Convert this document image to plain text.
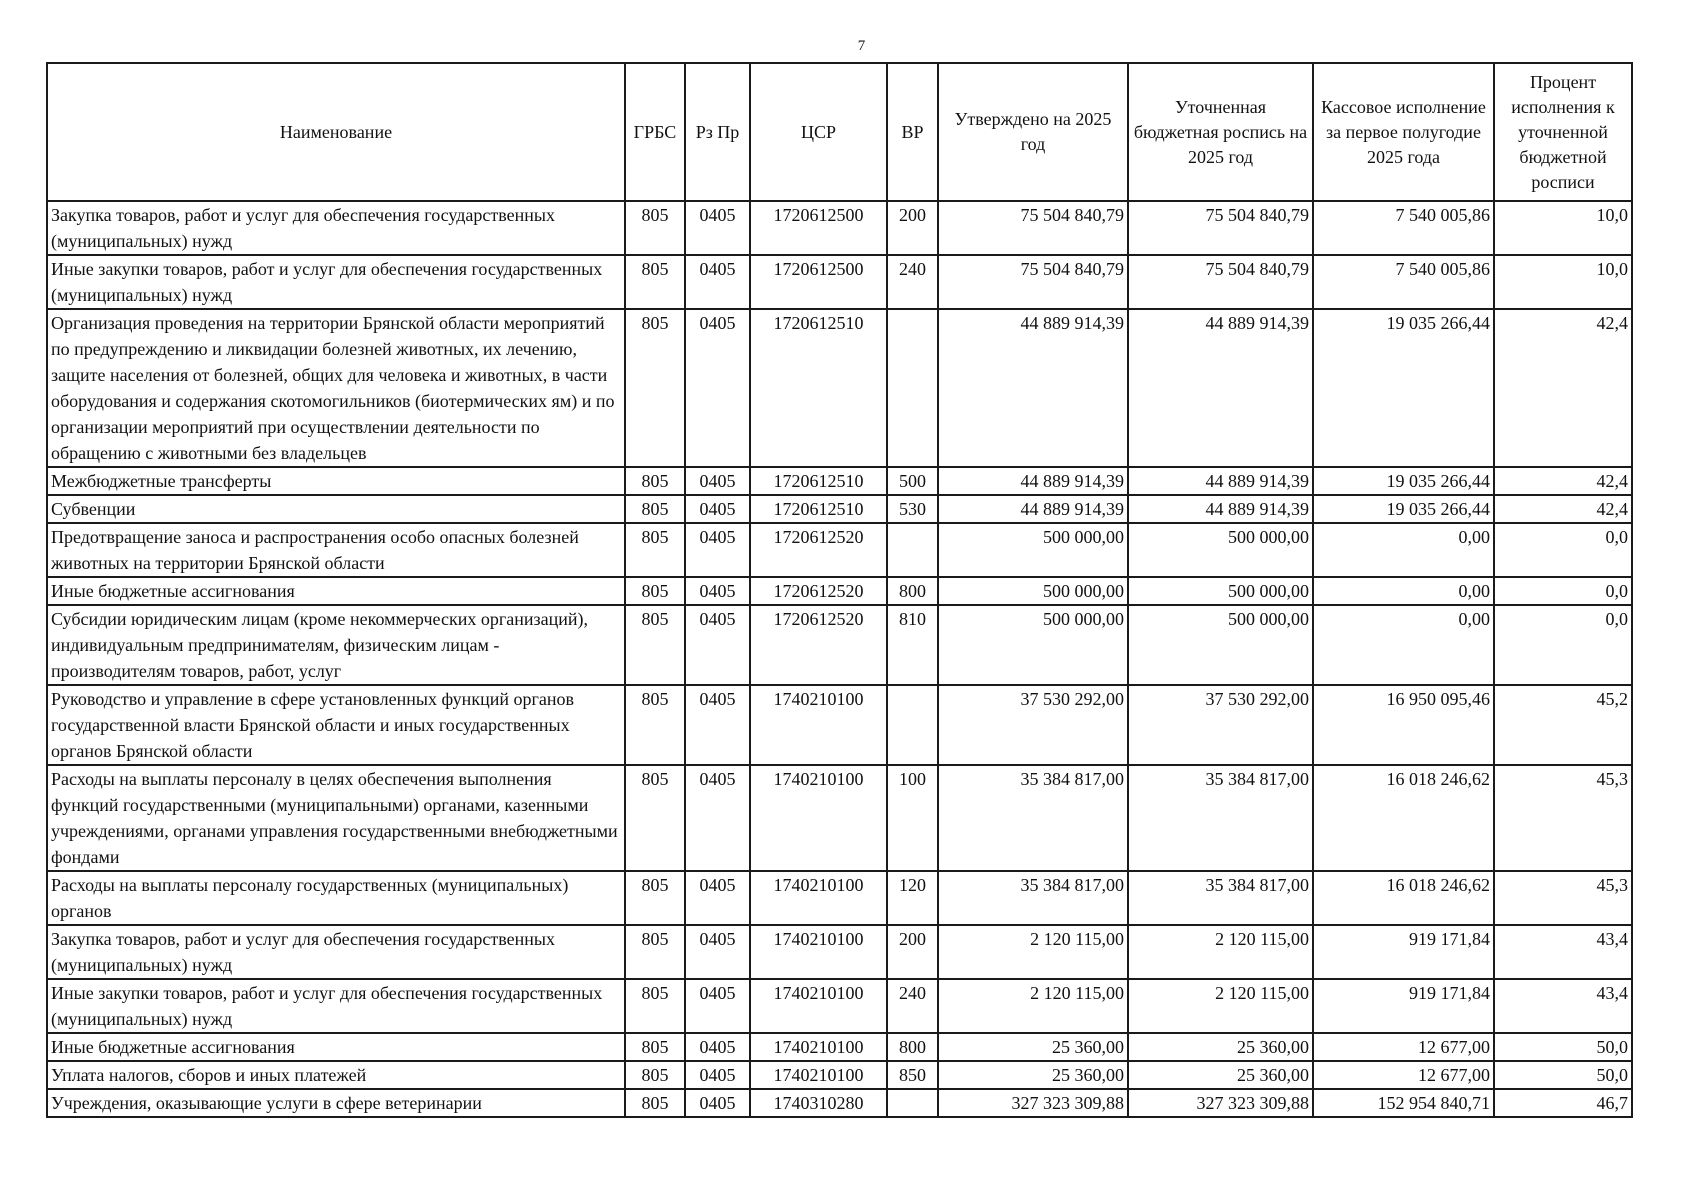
7
Наименование	ГРБС	Рз Пр	ЦСР	ВР	Утверждено на 2025 год	Уточненная бюджетная роспись на 2025 год	Кассовое исполнение за первое полугодие 2025 года	Процент исполнения к уточненной бюджетной росписи
Закупка товаров, работ и услуг для обеспечения государственных (муниципальных) нужд	805	0405	1720612500	200	75 504 840,79	75 504 840,79	7 540 005,86	10,0
Иные закупки товаров, работ и услуг для обеспечения государственных (муниципальных) нужд	805	0405	1720612500	240	75 504 840,79	75 504 840,79	7 540 005,86	10,0
Организация проведения на территории Брянской области мероприятий по предупреждению и ликвидации болезней животных, их лечению, защите населения от болезней, общих для человека и животных, в части оборудования и содержания скотомогильников (биотермических ям) и по организации мероприятий при осуществлении деятельности по обращению с животными без владельцев	805	0405	1720612510		44 889 914,39	44 889 914,39	19 035 266,44	42,4
Межбюджетные трансферты	805	0405	1720612510	500	44 889 914,39	44 889 914,39	19 035 266,44	42,4
Субвенции	805	0405	1720612510	530	44 889 914,39	44 889 914,39	19 035 266,44	42,4
Предотвращение заноса и распространения особо опасных болезней животных на территории Брянской области	805	0405	1720612520		500 000,00	500 000,00	0,00	0,0
Иные бюджетные ассигнования	805	0405	1720612520	800	500 000,00	500 000,00	0,00	0,0
Субсидии юридическим лицам (кроме некоммерческих организаций), индивидуальным предпринимателям, физическим лицам - производителям товаров, работ, услуг	805	0405	1720612520	810	500 000,00	500 000,00	0,00	0,0
Руководство и управление в сфере установленных функций органов государственной власти Брянской области и иных государственных органов Брянской области	805	0405	1740210100		37 530 292,00	37 530 292,00	16 950 095,46	45,2
Расходы на выплаты персоналу в целях обеспечения выполнения функций государственными (муниципальными) органами, казенными учреждениями, органами управления государственными внебюджетными фондами	805	0405	1740210100	100	35 384 817,00	35 384 817,00	16 018 246,62	45,3
Расходы на выплаты персоналу государственных (муниципальных) органов	805	0405	1740210100	120	35 384 817,00	35 384 817,00	16 018 246,62	45,3
Закупка товаров, работ и услуг для обеспечения государственных (муниципальных) нужд	805	0405	1740210100	200	2 120 115,00	2 120 115,00	919 171,84	43,4
Иные закупки товаров, работ и услуг для обеспечения государственных (муниципальных) нужд	805	0405	1740210100	240	2 120 115,00	2 120 115,00	919 171,84	43,4
Иные бюджетные ассигнования	805	0405	1740210100	800	25 360,00	25 360,00	12 677,00	50,0
Уплата налогов, сборов и иных платежей	805	0405	1740210100	850	25 360,00	25 360,00	12 677,00	50,0
Учреждения, оказывающие услуги в сфере ветеринарии	805	0405	1740310280		327 323 309,88	327 323 309,88	152 954 840,71	46,7
